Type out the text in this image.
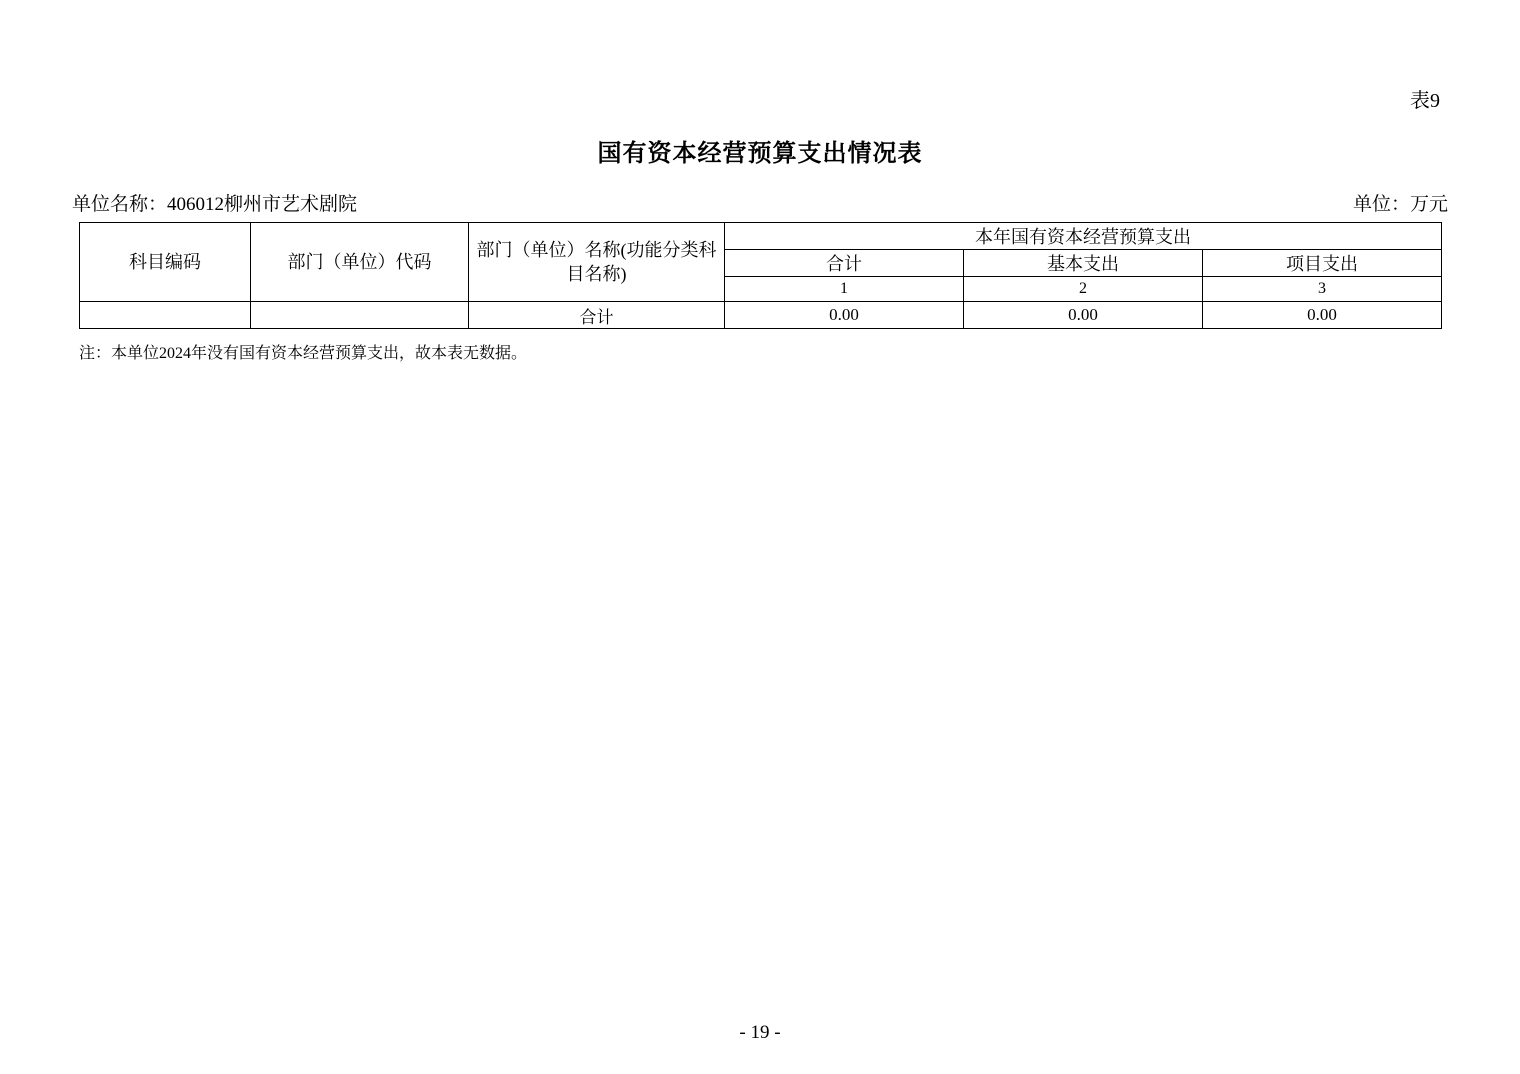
表9
国有资本经营预算支出情况表
单位名称：406012柳州市艺术剧院	单位：万元
科目编码	部门（单位）代码	部门（单位）名称(功能分类科目名称)	本年国有资本经营预算支出		
			合计	基本支出	项目支出
			1	2	3
		合计	0.00	0.00	0.00
注：本单位2024年没有国有资本经营预算支出，故本表无数据。
- 19 -
